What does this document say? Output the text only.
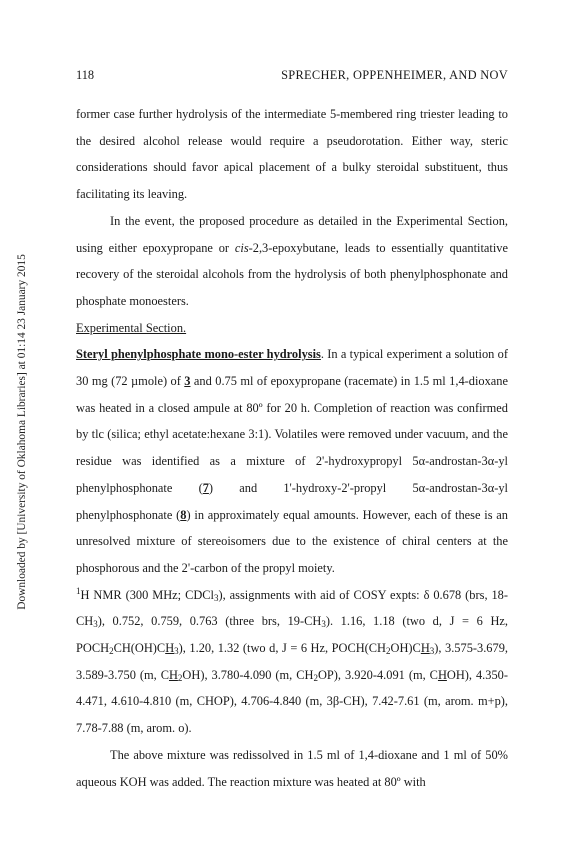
Downloaded by [University of Oklahoma Libraries] at 01:14 23 January 2015
118	SPRECHER, OPPENHEIMER, AND NOV

former case further hydrolysis of the intermediate 5-membered ring triester leading to the desired alcohol release would require a pseudorotation. Either way, steric considerations should favor apical placement of a bulky steroidal substituent, thus facilitating its leaving.

In the event, the proposed procedure as detailed in the Experimental Section, using either epoxypropane or cis-2,3-epoxybutane, leads to essentially quantitative recovery of the steroidal alcohols from the hydrolysis of both phenylphosphonate and phosphate monoesters.

Experimental Section.

Steryl phenylphosphate mono-ester hydrolysis. In a typical experiment a solution of 30 mg (72 µmole) of 3 and 0.75 ml of epoxypropane (racemate) in 1.5 ml 1,4-dioxane was heated in a closed ampule at 80º for 20 h. Completion of reaction was confirmed by tlc (silica; ethyl acetate:hexane 3:1). Volatiles were removed under vacuum, and the residue was identified as a mixture of 2'-hydroxypropyl 5α-androstan-3α-yl phenylphosphonate (7) and 1'-hydroxy-2'-propyl 5α-androstan-3α-yl phenylphosphonate (8) in approximately equal amounts. However, each of these is an unresolved mixture of stereoisomers due to the existence of chiral centers at the phosphorous and the 2'-carbon of the propyl moiety.

$^1$H NMR (300 MHz; CDCl$_3$), assignments with aid of COSY expts: δ 0.678 (brs, $18-CH_3$), 0.752, 0.759, 0.763 (three brs, $19-CH_3$). 1.16, 1.18 (two d, J = 6 Hz, $POCH_2CH(OH)CH_3$), 1.20, 1.32 (two d, J = 6 Hz, $POCH(CH_2OH)CH_3$), 3.575-3.679, 3.589-3.750 (m, $CH_2OH$), 3.780-4.090 (m, $CH_2OP$), 3.920-4.091 (m, CHOH), 4.350-4.471, 4.610-4.810 (m, CHOP), 4.706-4.840 (m, 3β-CH), 7.42-7.61 (m, arom. m+p), 7.78-7.88 (m, arom. o).

The above mixture was redissolved in 1.5 ml of 1,4-dioxane and 1 ml of 50% aqueous KOH was added. The reaction mixture was heated at 80º with
